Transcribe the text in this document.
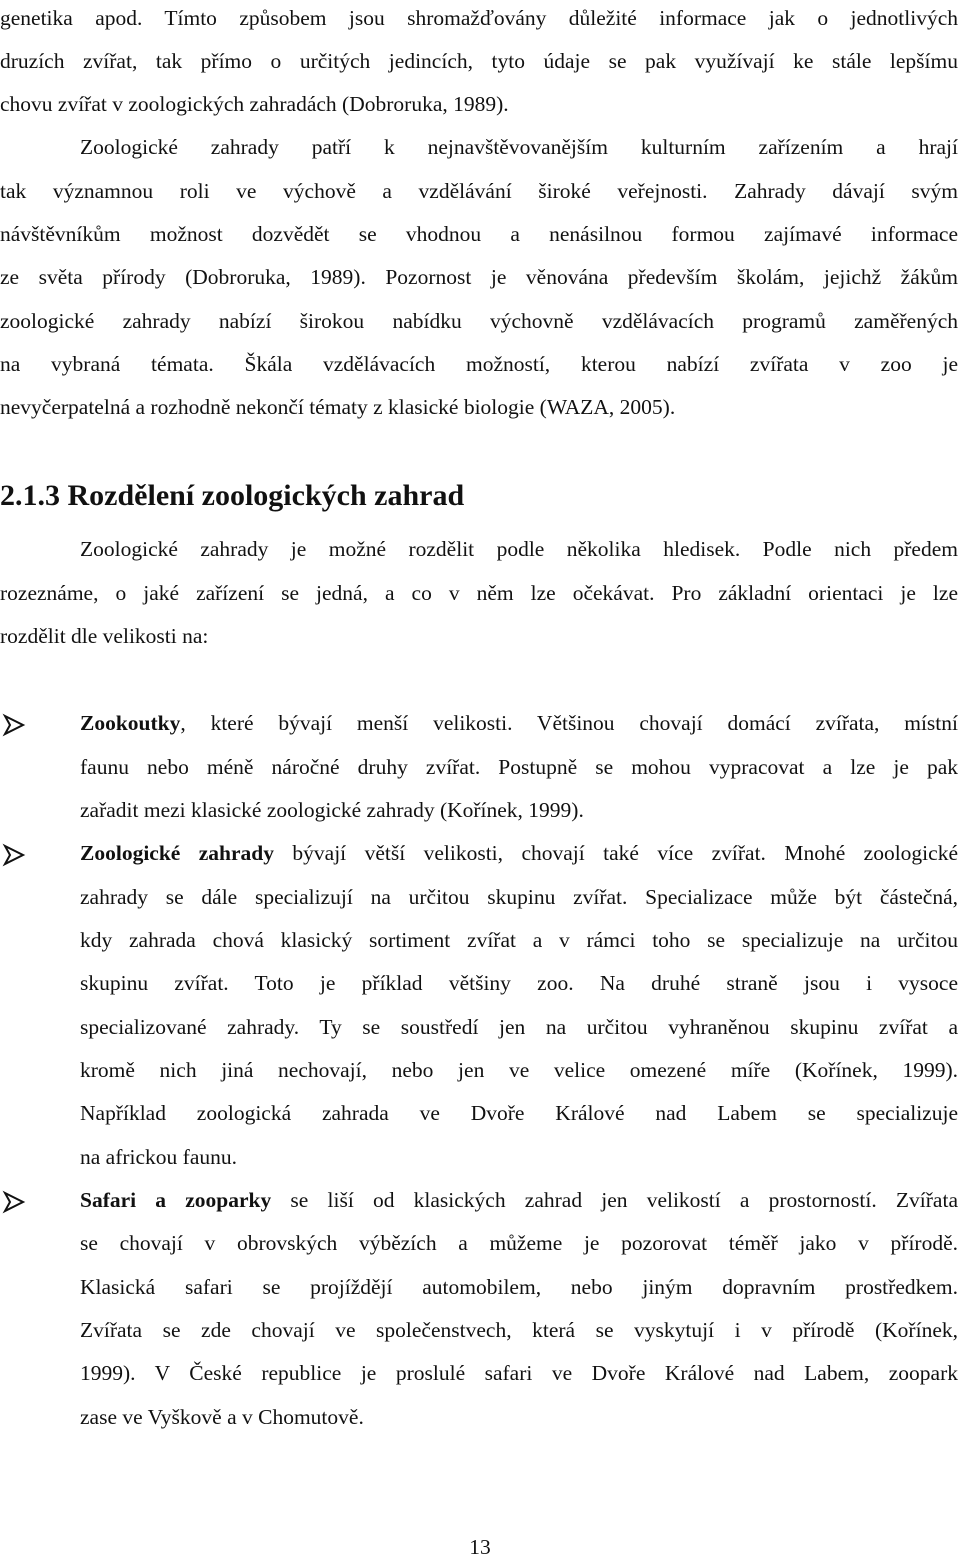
genetika apod. Tímto způsobem jsou shromažďovány důležité informace jak o jednotlivých
druzích zvířat, tak přímo o určitých jedincích, tyto údaje se pak využívají ke stále lepšímu
chovu zvířat v zoologických zahradách (Dobroruka, 1989).
Zoologické zahrady patří k nejnavštěvovanějším kulturním zařízením a hrají
tak významnou roli ve výchově a vzdělávání široké veřejnosti. Zahrady dávají svým
návštěvníkům možnost dozvědět se vhodnou a nenásilnou formou zajímavé informace
ze světa přírody (Dobroruka, 1989). Pozornost je věnována především školám, jejichž žákům
zoologické zahrady nabízí širokou nabídku výchovně vzdělávacích programů zaměřených
na vybraná témata. Škála vzdělávacích možností, kterou nabízí zvířata v zoo je
nevyčerpatelná a rozhodně nekončí tématy z klasické biologie (WAZA, 2005).
2.1.3 Rozdělení zoologických zahrad
Zoologické zahrady je možné rozdělit podle několika hledisek. Podle nich předem
rozeznáme, o jaké zařízení se jedná, a co v něm lze očekávat. Pro základní orientaci je lze
rozdělit dle velikosti na:
Zookoutky, které bývají menší velikosti. Většinou chovají domácí zvířata, místní
faunu nebo méně náročné druhy zvířat. Postupně se mohou vypracovat a lze je pak
zařadit mezi klasické zoologické zahrady (Kořínek, 1999).
Zoologické zahrady bývají větší velikosti, chovají také více zvířat. Mnohé zoologické
zahrady se dále specializují na určitou skupinu zvířat. Specializace může být částečná,
kdy zahrada chová klasický sortiment zvířat a v rámci toho se specializuje na určitou
skupinu zvířat. Toto je příklad většiny zoo. Na druhé straně jsou i vysoce
specializované zahrady. Ty se soustředí jen na určitou vyhraněnou skupinu zvířat a
kromě nich jiná nechovají, nebo jen ve velice omezené míře (Kořínek, 1999).
Například zoologická zahrada ve Dvoře Králové nad Labem se specializuje
na africkou faunu.
Safari a zooparky se liší od klasických zahrad jen velikostí a prostorností. Zvířata
se chovají v obrovských výbězích a můžeme je pozorovat téměř jako v přírodě.
Klasická safari se projíždějí automobilem, nebo jiným dopravním prostředkem.
Zvířata se zde chovají ve společenstvech, která se vyskytují i v přírodě (Kořínek,
1999). V České republice je proslulé safari ve Dvoře Králové nad Labem, zoopark
zase ve Vyškově a v Chomutově.
13
